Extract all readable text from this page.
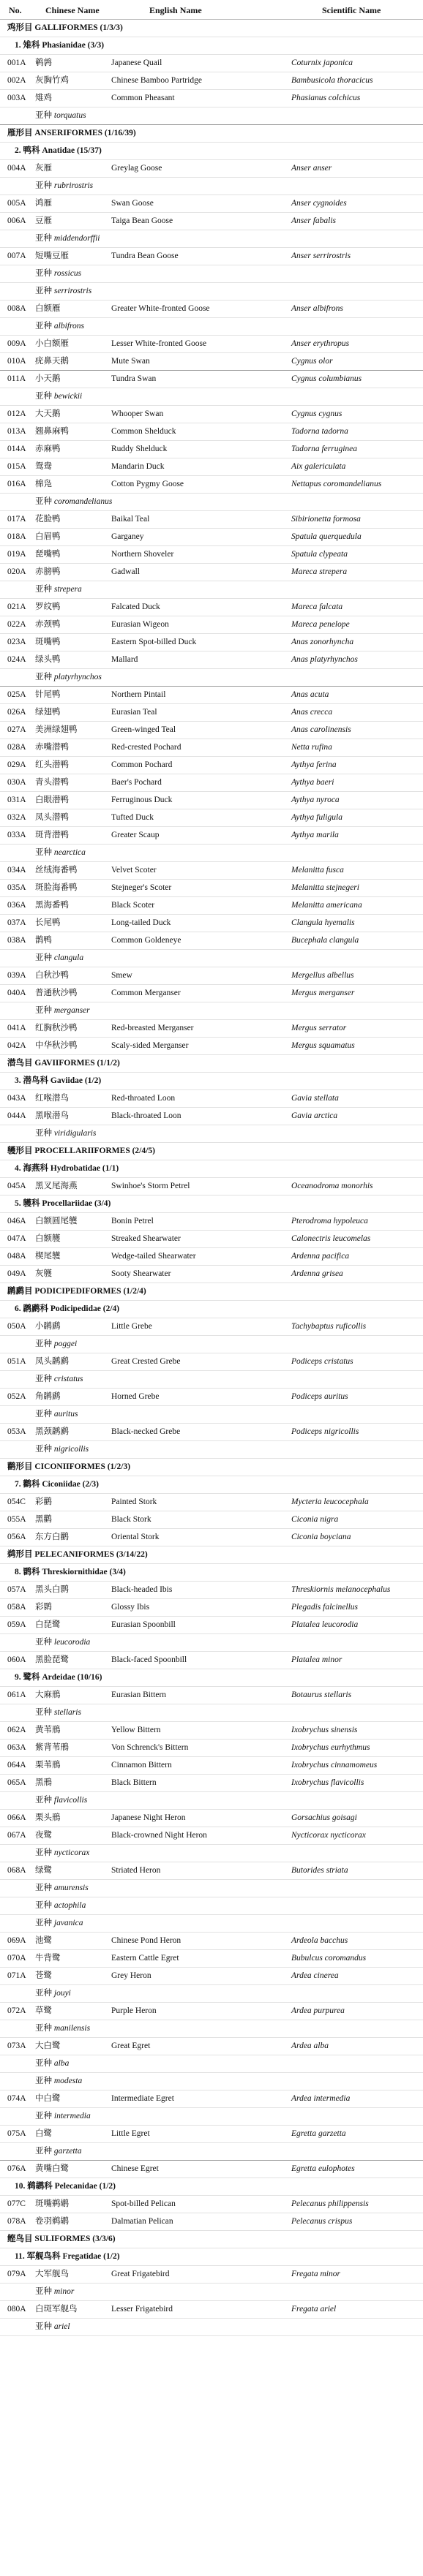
No.	Chinese Name	English Name	Scientific Name
鸡形目 GALLIFORMES (1/3/3)
1. 雉科 Phasianidae (3/3)
001A 鹌鹑	Japanese Quail	Coturnix japonica
002A 灰胸竹鸡	Chinese Bamboo Partridge	Bambusicola thoracicus
003A 雉鸡	Common Pheasant	Phasianus colchicus
亚种 torquatus
雁形目 ANSERIFORMES (1/16/39)
2. 鸭科 Anatidae (15/37)
004A 灰雁	Greylag Goose	Anser anser
亚种 rubrirostris
005A 鸿雁	Swan Goose	Anser cygnoides
006A 豆雁	Taiga Bean Goose	Anser fabalis
亚种 middendorffii
007A 短嘴豆雁	Tundra Bean Goose	Anser serrirostris
亚种 rossicus
亚种 serrirostris
008A 白额雁	Greater White-fronted Goose	Anser albifrons
亚种 albifrons
009A 小白额雁	Lesser White-fronted Goose	Anser erythropus
010A 疣鼻天鹅	Mute Swan	Cygnus olor
011A 小天鹅	Tundra Swan	Cygnus columbianus
亚种 bewickii
012A 大天鹅	Whooper Swan	Cygnus cygnus
013A 翘鼻麻鸭	Common Shelduck	Tadorna tadorna
014A 赤麻鸭	Ruddy Shelduck	Tadorna ferruginea
015A 鸳鸯	Mandarin Duck	Aix galericulata
016A 棉凫	Cotton Pygmy Goose	Nettapus coromandelianus
亚种 coromandelianus
017A 花脸鸭	Baikal Teal	Sibirionetta formosa
018A 白眉鸭	Garganey	Spatula querquedula
019A 琵嘴鸭	Northern Shoveler	Spatula clypeata
020A 赤膀鸭	Gadwall	Mareca strepera
亚种 strepera
021A 罗纹鸭	Falcated Duck	Mareca falcata
022A 赤颈鸭	Eurasian Wigeon	Mareca penelope
023A 斑嘴鸭	Eastern Spot-billed Duck	Anas zonorhyncha
024A 绿头鸭	Mallard	Anas platyrhynchos
亚种 platyrhynchos
025A 针尾鸭	Northern Pintail	Anas acuta
026A 绿翅鸭	Eurasian Teal	Anas crecca
027A 美洲绿翅鸭	Green-winged Teal	Anas carolinensis
028A 赤嘴潜鸭	Red-crested Pochard	Netta rufina
029A 红头潜鸭	Common Pochard	Aythya ferina
030A 青头潜鸭	Baer's Pochard	Aythya baeri
031A 白眼潜鸭	Ferruginous Duck	Aythya nyroca
032A 凤头潜鸭	Tufted Duck	Aythya fuligula
033A 斑背潜鸭	Greater Scaup	Aythya marila
亚种 nearctica
034A 丝绒海番鸭	Velvet Scoter	Melanitta fusca
035A 斑脸海番鸭	Stejneger's Scoter	Melanitta stejnegeri
036A 黑海番鸭	Black Scoter	Melanitta americana
037A 长尾鸭	Long-tailed Duck	Clangula hyemalis
038A 鹊鸭	Common Goldeneye	Bucephala clangula
亚种 clangula
039A 白秋沙鸭	Smew	Mergellus albellus
040A 普通秋沙鸭	Common Merganser	Mergus merganser
亚种 merganser
041A 红胸秋沙鸭	Red-breasted Merganser	Mergus serrator
042A 中华秋沙鸭	Scaly-sided Merganser	Mergus squamatus
潜鸟目 GAVIIFORMES (1/1/2)
3. 潜鸟科 Gaviidae (1/2)
043A 红喉潜鸟	Red-throated Loon	Gavia stellata
044A 黑喉潜鸟	Black-throated Loon	Gavia arctica
亚种 viridigularis
鹱形目 PROCELLARIIFORMES (2/4/5)
4. 海燕科 Hydrobatidae (1/1)
045A 黑叉尾海燕	Swinhoe's Storm Petrel	Oceanodroma monorhis
5. 鹱科 Procellariidae (3/4)
046A 白额圆尾鹱	Bonin Petrel	Pterodroma hypoleuca
047A 白额鹱	Streaked Shearwater	Calonectris leucomelas
048A 楔尾鹱	Wedge-tailed Shearwater	Ardenna pacifica
049A 灰鹱	Sooty Shearwater	Ardenna grisea
䴙䴘目 PODICIPEDIFORMES (1/2/4)
6. 䴙䴘科 Podicipedidae (2/4)
050A 小䴙䴘	Little Grebe	Tachybaptus ruficollis
亚种 poggei
051A 凤头䴙䴘	Great Crested Grebe	Podiceps cristatus
亚种 cristatus
052A 角䴙䴘	Horned Grebe	Podiceps auritus
亚种 auritus
053A 黑颈䴙䴘	Black-necked Grebe	Podiceps nigricollis
亚种 nigricollis
鹳形目 CICONIIFORMES (1/2/3)
7. 鹳科 Ciconiidae (2/3)
054C 彩鹳	Painted Stork	Mycteria leucocephala
055A 黑鹳	Black Stork	Ciconia nigra
056A 东方白鹳	Oriental Stork	Ciconia boyciana
鹈形目 PELECANIFORMES (3/14/22)
8. 鹮科 Threskiornithidae (3/4)
057A 黑头白鹮	Black-headed Ibis	Threskiornis melanocephalus
058A 彩鹮	Glossy Ibis	Plegadis falcinellus
059A 白琵鹭	Eurasian Spoonbill	Platalea leucorodia
亚种 leucorodia
060A 黑脸琵鹭	Black-faced Spoonbill	Platalea minor
9. 鹭科 Ardeidae (10/16)
061A 大麻鳽	Eurasian Bittern	Botaurus stellaris
亚种 stellaris
062A 黄苇鳽	Yellow Bittern	Ixobrychus sinensis
063A 紫背苇鳽	Von Schrenck's Bittern	Ixobrychus eurhythmus
064A 栗苇鳽	Cinnamon Bittern	Ixobrychus cinnamomeus
065A 黑鳽	Black Bittern	Ixobrychus flavicollis
亚种 flavicollis
066A 栗头鳽	Japanese Night Heron	Gorsachius goisagi
067A 夜鹭	Black-crowned Night Heron	Nycticorax nycticorax
亚种 nycticorax
068A 绿鹭	Striated Heron	Butorides striata
亚种 amurensis
亚种 actophila
亚种 javanica
069A 池鹭	Chinese Pond Heron	Ardeola bacchus
070A 牛背鹭	Eastern Cattle Egret	Bubulcus coromandus
071A 苍鹭	Grey Heron	Ardea cinerea
亚种 jouyi
072A 草鹭	Purple Heron	Ardea purpurea
亚种 manilensis
073A 大白鹭	Great Egret	Ardea alba
亚种 alba
亚种 modesta
074A 中白鹭	Intermediate Egret	Ardea intermedia
亚种 intermedia
075A 白鹭	Little Egret	Egretta garzetta
亚种 garzetta
076A 黄嘴白鹭	Chinese Egret	Egretta eulophotes
10. 鹈鹕科 Pelecanidae (1/2)
077C 斑嘴鹈鹕	Spot-billed Pelican	Pelecanus philippensis
078A 卷羽鹈鹕	Dalmatian Pelican	Pelecanus crispus
鲣鸟目 SULIFORMES (3/3/6)
11. 军舰鸟科 Fregatidae (1/2)
079A 大军舰鸟	Great Frigatebird	Fregata minor
亚种 minor
080A 白斑军舰鸟	Lesser Frigatebird	Fregata ariel
亚种 ariel
